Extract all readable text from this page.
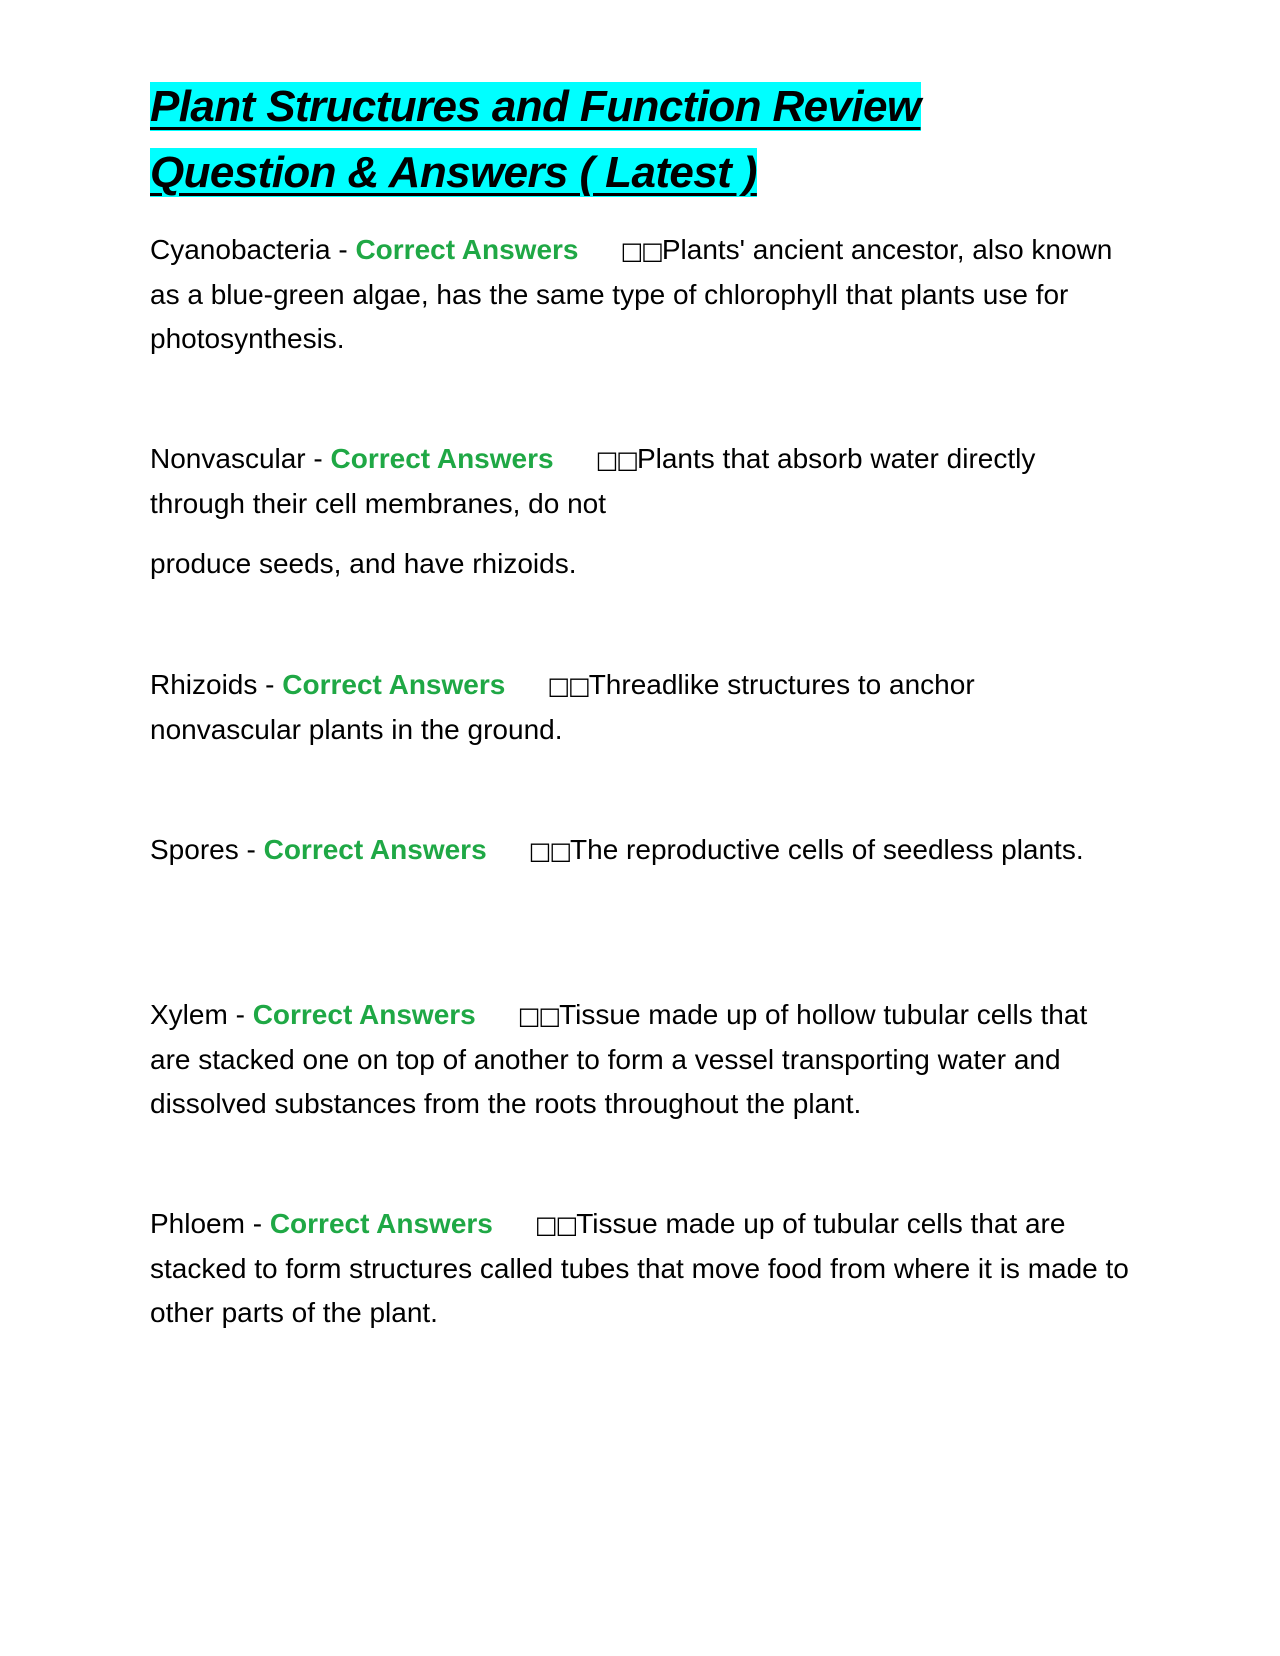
Plant Structures and Function Review
Question & Answers ( Latest )

Cyanobacteria - Correct Answers □□Plants' ancient ancestor, also known as a blue-green algae, has the same type of chlorophyll that plants use for photosynthesis.

Nonvascular - Correct Answers □□Plants that absorb water directly through their cell membranes, do not
produce seeds, and have rhizoids.

Rhizoids - Correct Answers □□Threadlike structures to anchor nonvascular plants in the ground.

Spores - Correct Answers □□The reproductive cells of seedless plants.

Xylem - Correct Answers □□Tissue made up of hollow tubular cells that are stacked one on top of another to form a vessel transporting water and dissolved substances from the roots throughout the plant.

Phloem - Correct Answers □□Tissue made up of tubular cells that are stacked to form structures called tubes that move food from where it is made to other parts of the plant.
